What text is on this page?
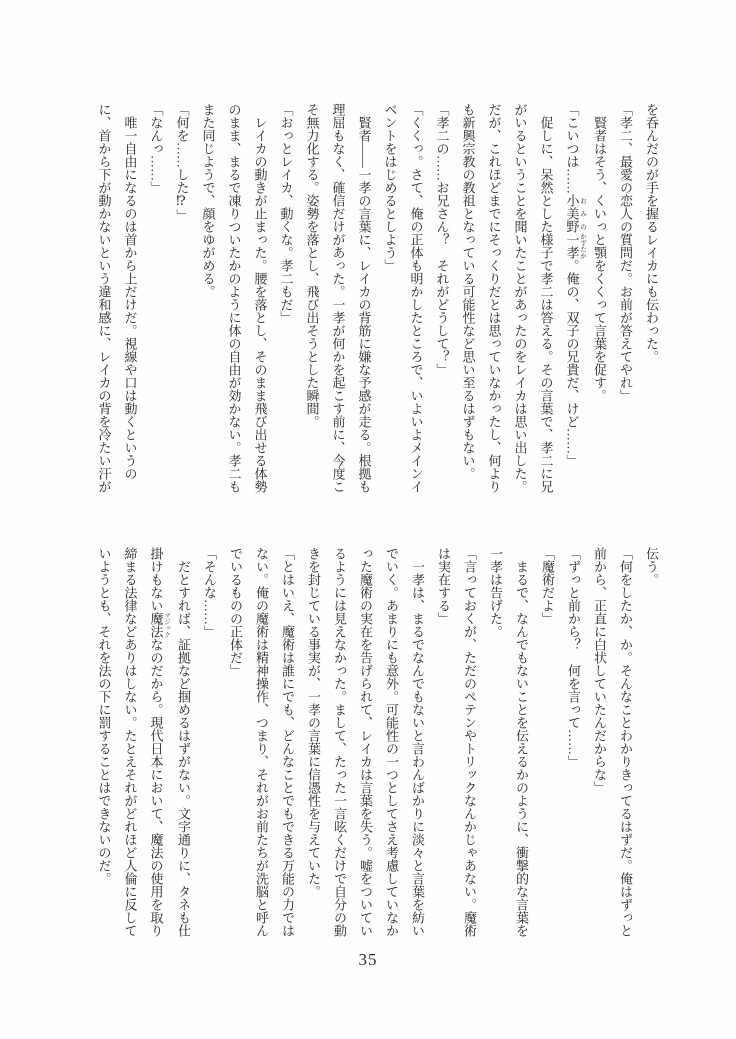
を呑んだのが手を握るレイカにも伝わった。

「孝二、最愛の恋人の質問だ。お前が答えてやれ」

　賢者はそう、くいっと顎をくくって言葉を促す。

「こいつは……小美野 おみの一孝 かずたか。俺の、双子の兄貴だ、けど……」

　促しに、呆然とした様子で孝二は答える。その言葉で、孝二に兄

がいるということを聞いたことがあったのをレイカは思い出した。

だが、これほどまでにそっくりだとは思っていなかったし、何より

も新興宗教の教祖となっている可能性など思い至るはずもない。

「孝二の……お兄さん？　それがどうして？」

「くくっ。さて、俺の正体も明かしたところで、いよいよメインイ

ベントをはじめるとしよう」

　賢者――一孝の言葉に、レイカの背筋に嫌な予感が走る。根拠も

理屈もなく、確信だけがあった。一孝が何かを起こす前に、今度こ

そ無力化する。姿勢を落とし、飛び出そうとした瞬間。

「おっとレイカ、動くな。孝二もだ」

　レイカの動きが止まった。腰を落とし、そのまま飛び出せる体勢

のまま、まるで凍りついたかのように体の自由が効かない。孝二も

また同じようで、顔をゆがめる。

「何を……した⁉」

「なんっ……」

　唯一自由になるのは首から上だけだ。視線や口は動くというの

に、首から下が動かないという違和感に、レイカの背を冷たい汗が

伝う。

「何をしたか、か。そんなことわかりきってるはずだ。俺はずっと

前から、正直に白状していたんだからな」

「ずっと前から？　何を言って……」

「魔術だよ」

　まるで、なんでもないことを伝えるかのように、衝撃的な言葉を

一孝は告げた。

「言っておくが、ただのペテンやトリックなんかじゃあない。魔術

は実在する」

　一孝は、まるでなんでもないと言わんばかりに淡々と言葉を紡い

でいく。あまりにも意外。可能性の一つとしてさえ考慮していなか

った魔術の実在を告げられて、レイカは言葉を失う。嘘をついてい

るようには見えなかった。まして、たった一言呟くだけで自分の動

きを封じている事実が、一孝の言葉に信憑性を与えていた。

「とはいえ、魔術は誰にでも、どんなことでもできる万能の力では

ない。俺の魔術は精神操作、つまり、それがお前たちが洗脳と呼ん

でいるものの正体だ」

「そんな……」

　だとすれば、証拠など掴めるはずがない。文字通りに、タネも仕

掛けもない魔法 マジックなのだから。現代日本において、魔法の使用を取り

締まる法律などありはしない。たとえそれがどれほど人倫に反して

いようとも、それを法の下に罰することはできないのだ。

35
